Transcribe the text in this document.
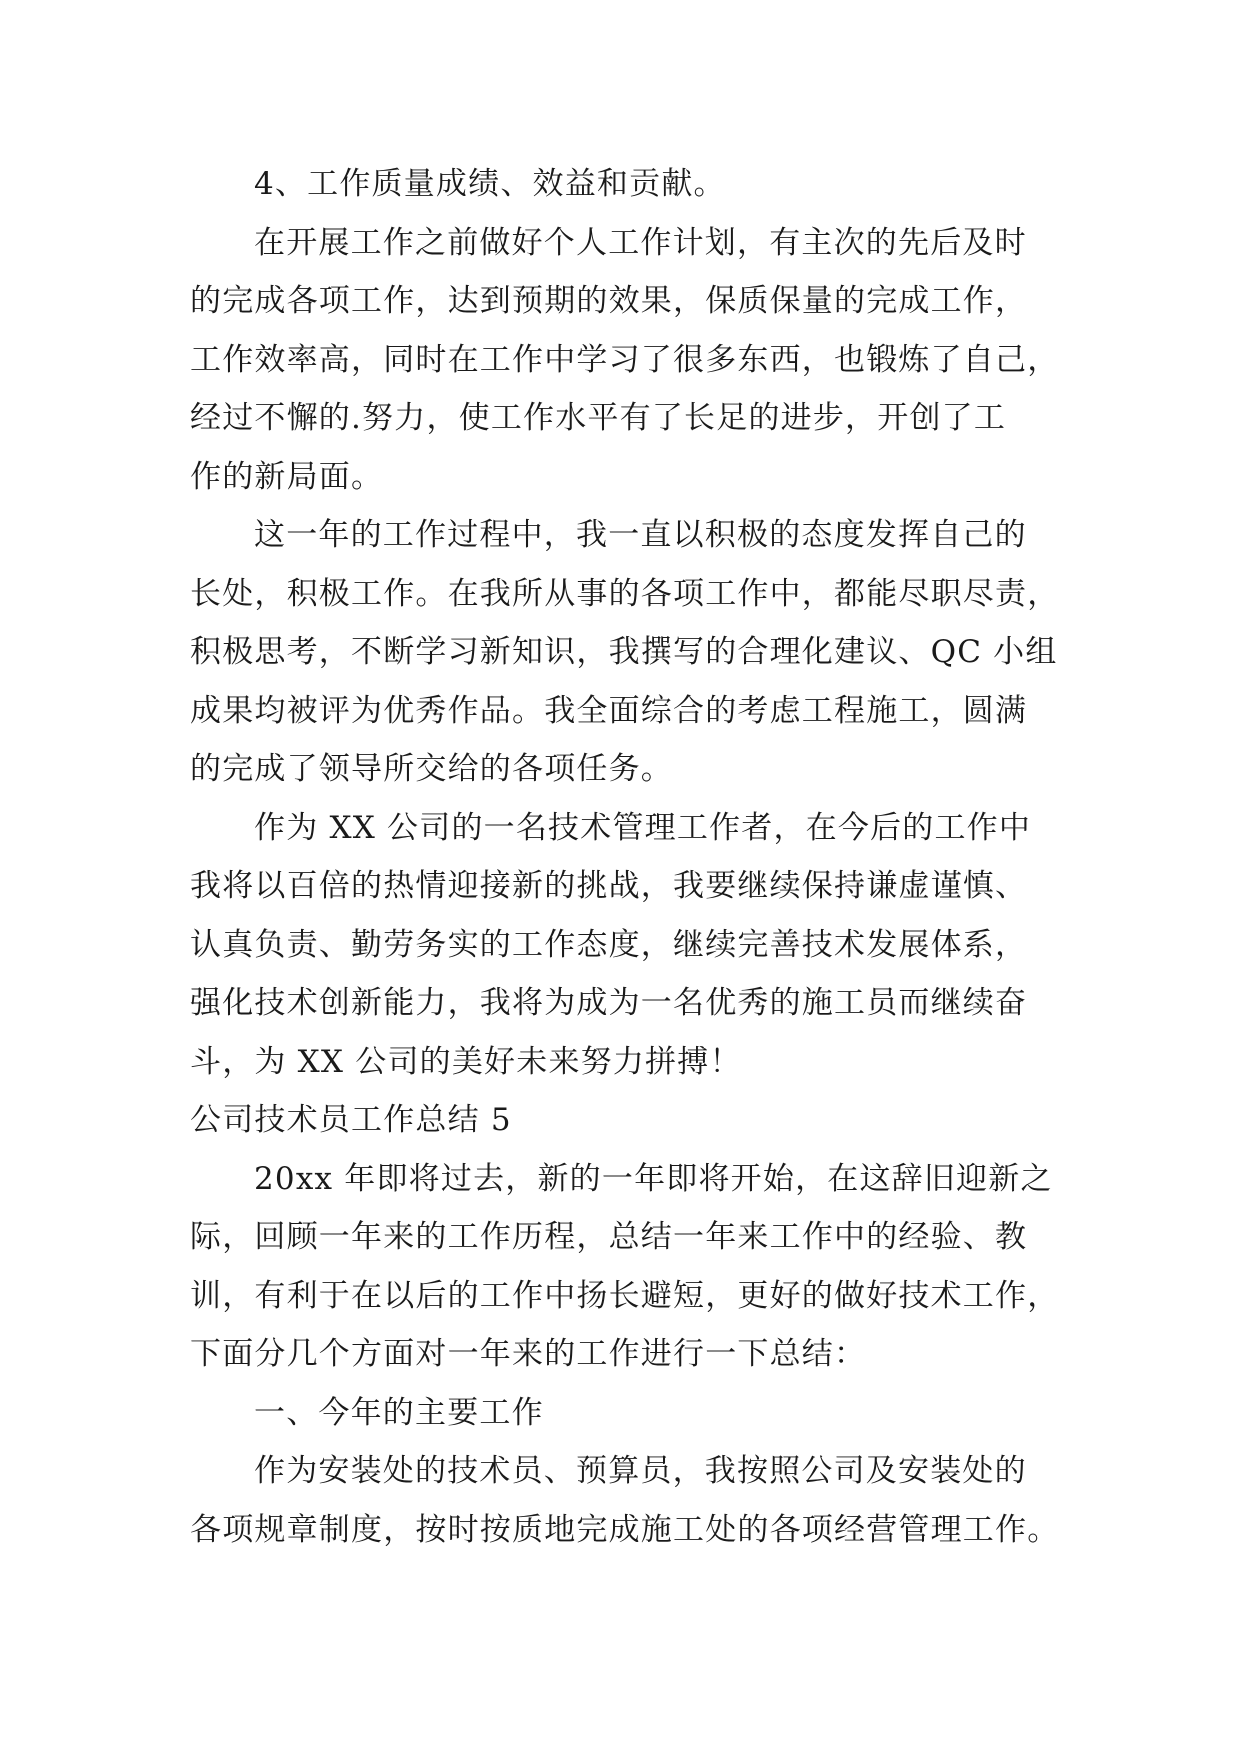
4、工作质量成绩、效益和贡献。
在开展工作之前做好个人工作计划，有主次的先后及时
的完成各项工作，达到预期的效果，保质保量的完成工作，
工作效率高，同时在工作中学习了很多东西，也锻炼了自己，
经过不懈的.努力，使工作水平有了长足的进步，开创了工
作的新局面。
这一年的工作过程中，我一直以积极的态度发挥自己的
长处，积极工作。在我所从事的各项工作中，都能尽职尽责，
积极思考，不断学习新知识，我撰写的合理化建议、QC 小组
成果均被评为优秀作品。我全面综合的考虑工程施工，圆满
的完成了领导所交给的各项任务。
作为 XX 公司的一名技术管理工作者，在今后的工作中
我将以百倍的热情迎接新的挑战，我要继续保持谦虚谨慎、
认真负责、勤劳务实的工作态度，继续完善技术发展体系，
强化技术创新能力，我将为成为一名优秀的施工员而继续奋
斗，为 XX 公司的美好未来努力拼搏！
公司技术员工作总结 5
20xx 年即将过去，新的一年即将开始，在这辞旧迎新之
际，回顾一年来的工作历程，总结一年来工作中的经验、教
训，有利于在以后的工作中扬长避短，更好的做好技术工作，
下面分几个方面对一年来的工作进行一下总结：
一、今年的主要工作
作为安装处的技术员、预算员，我按照公司及安装处的
各项规章制度，按时按质地完成施工处的各项经营管理工作。
